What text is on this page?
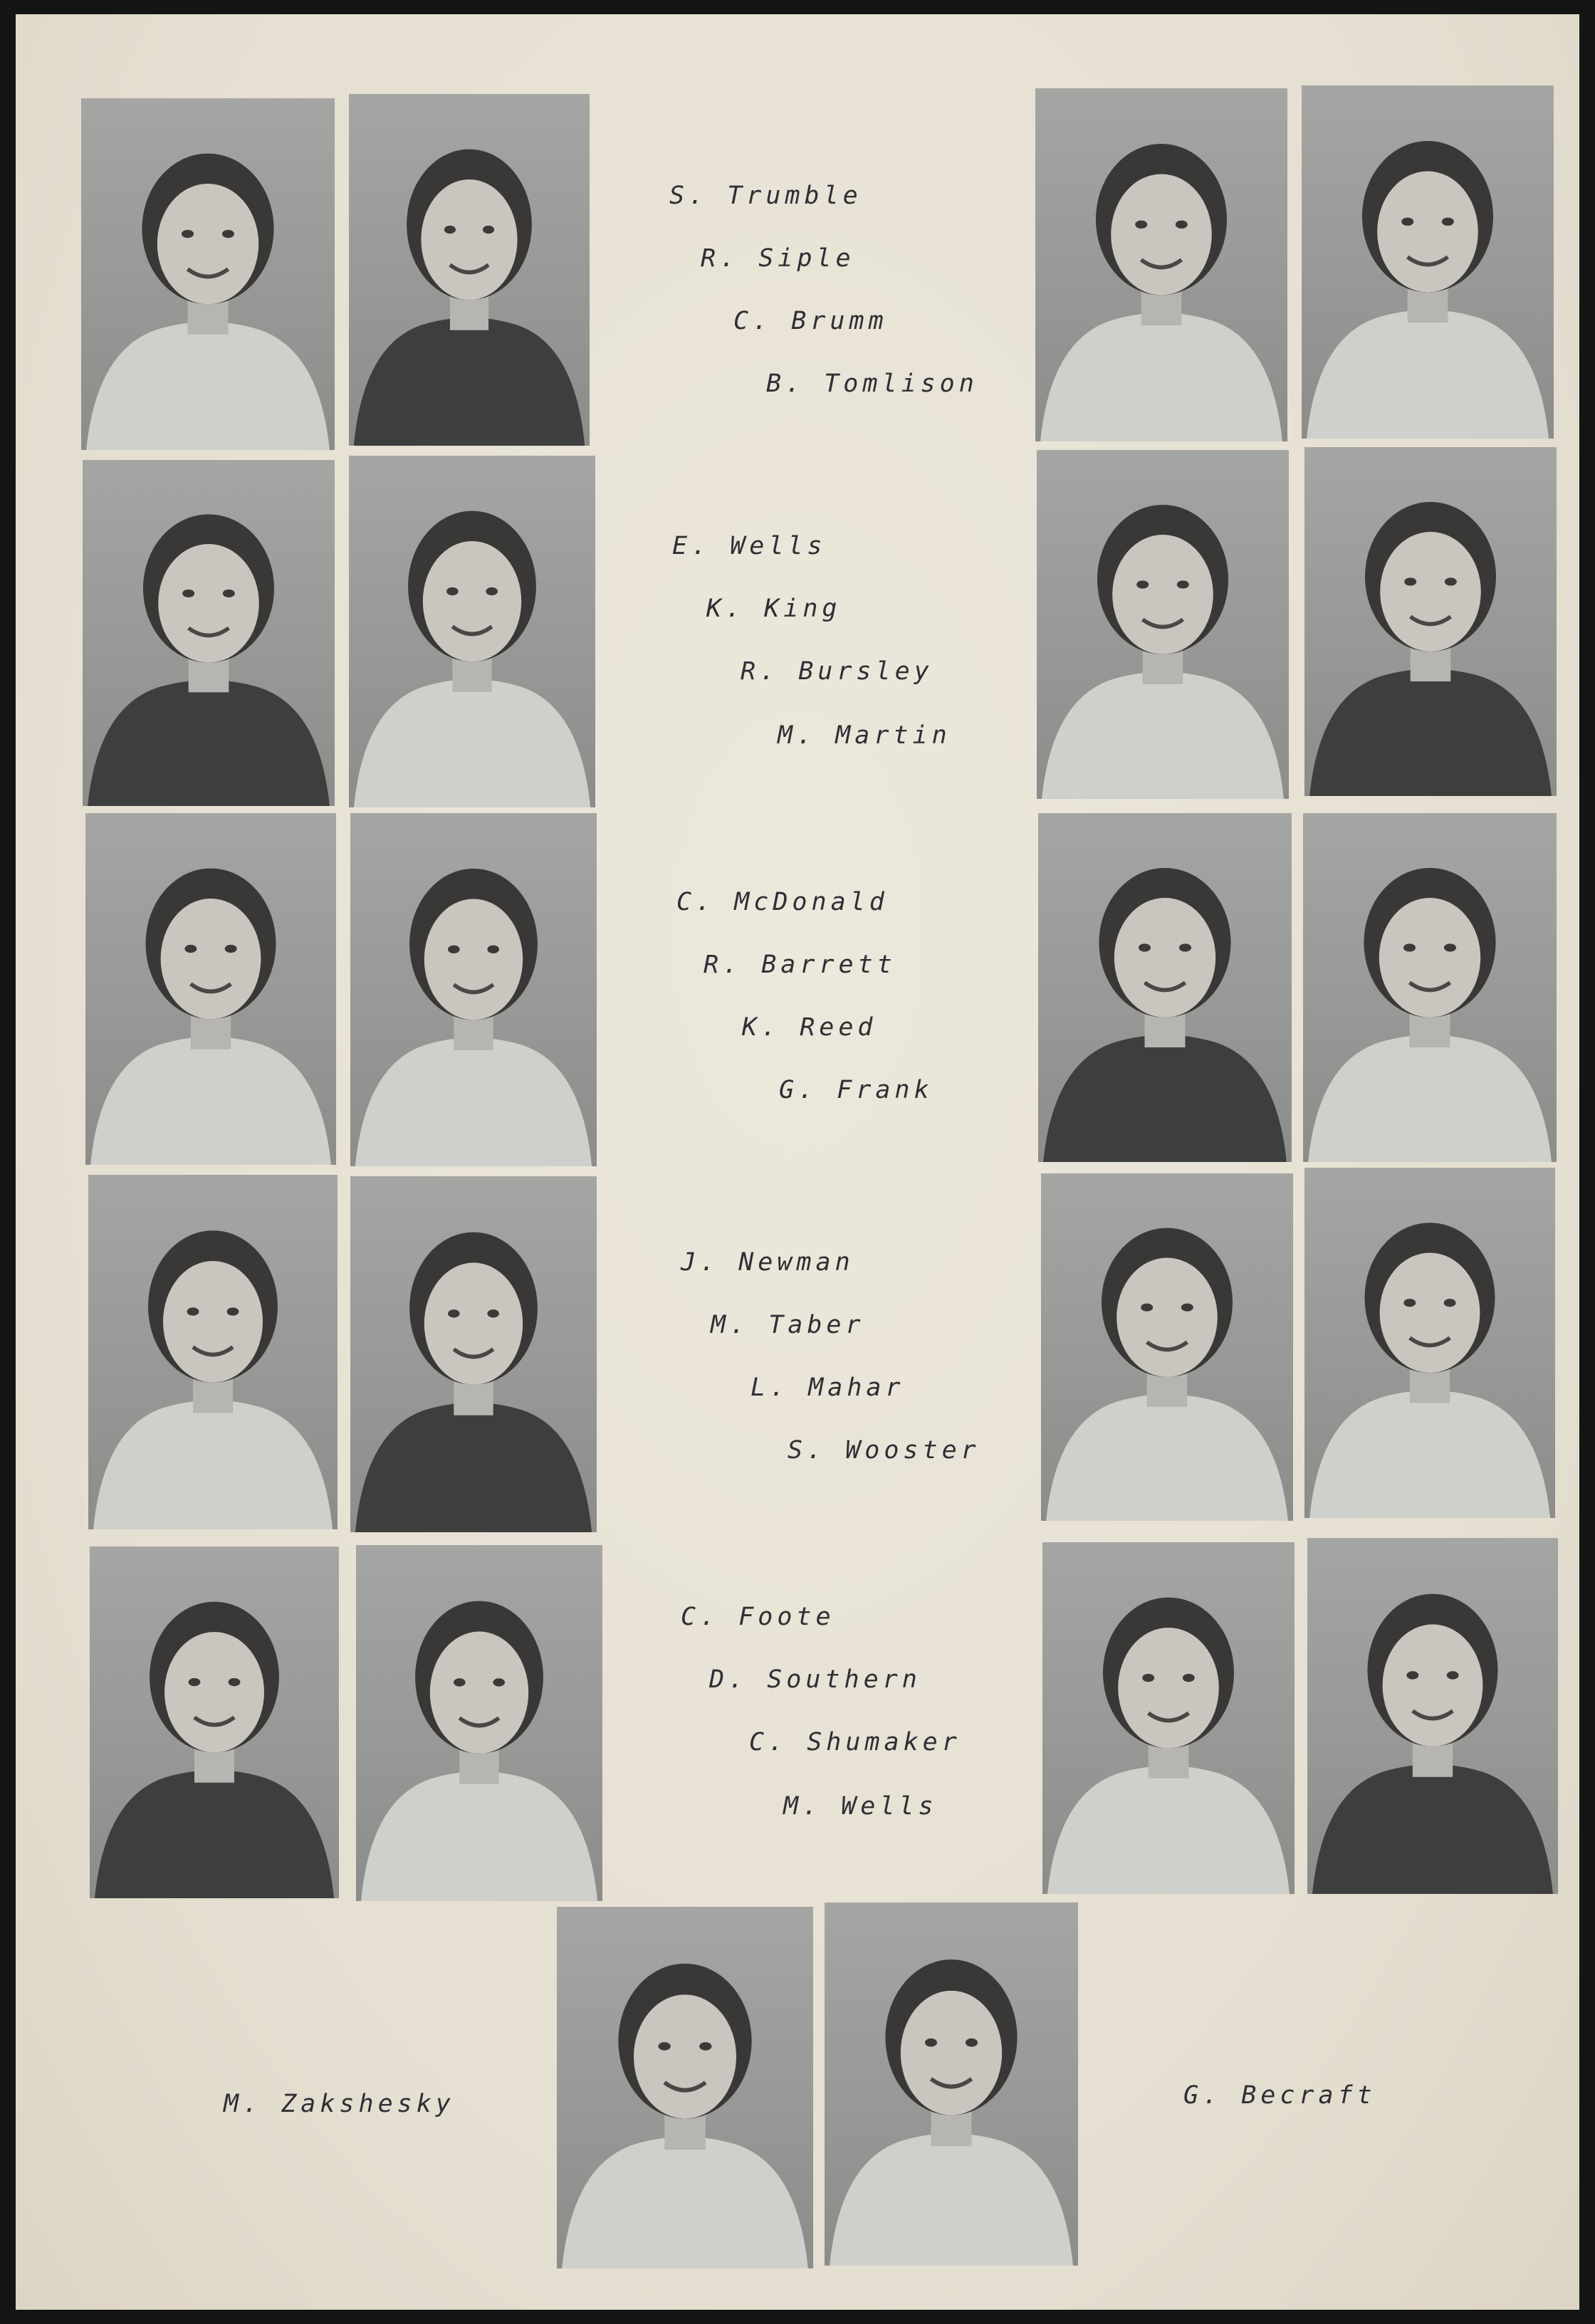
S. Trumble
R. Siple
C. Brumm
B. Tomlison
E. Wells
K. King
R. Bursley
M. Martin
C. McDonald
R. Barrett
K. Reed
G. Frank
J. Newman
M. Taber
L. Mahar
S. Wooster
C. Foote
D. Southern
C. Shumaker
M. Wells
M. Zakshesky	G. Becraft
